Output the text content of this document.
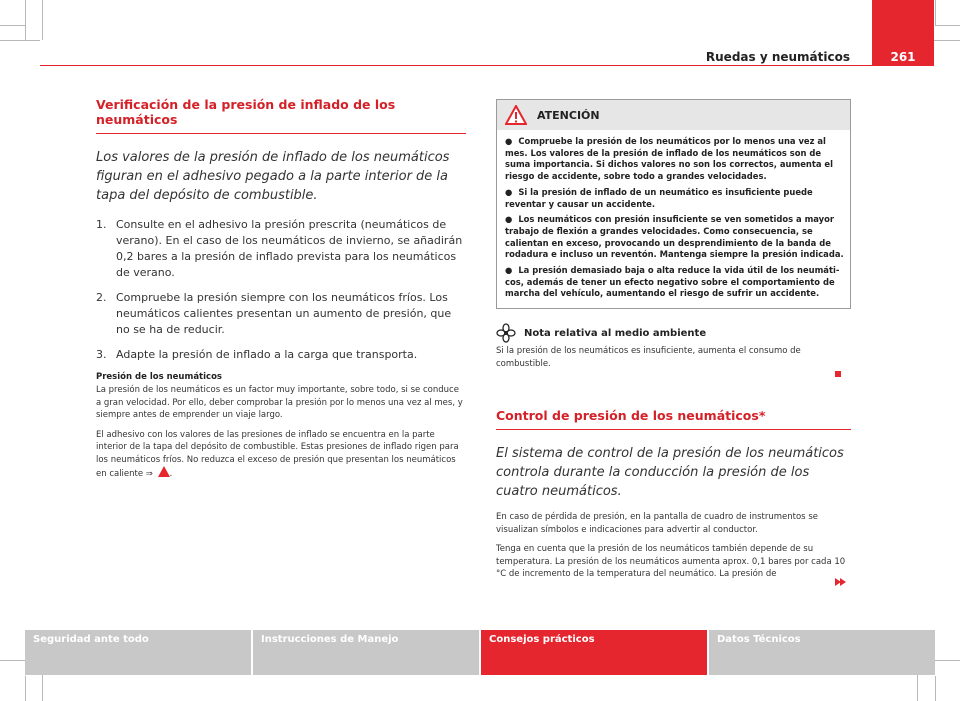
Ruedas y neumáticos	261
Verificación de la presión de inflado de los neumáticos

Los valores de la presión de inflado de los neumáticos figuran en el adhesivo pegado a la parte interior de la tapa del depósito de combustible.

1. Consulte en el adhesivo la presión prescrita (neumáticos de verano). En el caso de los neumáticos de invierno, se añadirán 0,2 bares a la presión de inflado prevista para los neumáticos de verano.
2. Compruebe la presión siempre con los neumáticos fríos. Los neumáticos calientes presentan un aumento de presión, que no se ha de reducir.
3. Adapte la presión de inflado a la carga que transporta.
Presión de los neumáticos

La presión de los neumáticos es un factor muy importante, sobre todo, si se conduce a gran velocidad. Por ello, deber comprobar la presión por lo menos una vez al mes, y siempre antes de emprender un viaje largo.

El adhesivo con los valores de las presiones de inflado se encuentra en la parte interior de la tapa del depósito de combustible. Estas presiones de inflado rigen para los neumáticos fríos. No reduzca el exceso de presión que presentan los neumáticos en caliente ⇒ .

ATENCIÓN
● Compruebe la presión de los neumáticos por lo menos una vez al mes. Los valores de la presión de inflado de los neumáticos son de suma importancia. Si dichos valores no son los correctos, aumenta el riesgo de accidente, sobre todo a grandes velocidades.
● Si la presión de inflado de un neumático es insuficiente puede reventar y causar un accidente.
● Los neumáticos con presión insuficiente se ven sometidos a mayor trabajo de flexión a grandes velocidades. Como consecuencia, se calientan en exceso, provocando un desprendimiento de la banda de rodadura e incluso un reventón. Mantenga siempre la presión indicada.
● La presión demasiado baja o alta reduce la vida útil de los neumáticos, además de tener un efecto negativo sobre el comportamiento de marcha del vehículo, aumentando el riesgo de sufrir un accidente.
Nota relativa al medio ambiente

Si la presión de los neumáticos es insuficiente, aumenta el consumo de combustible.

Control de presión de los neumáticos*

El sistema de control de la presión de los neumáticos controla durante la conducción la presión de los cuatro neumáticos.

En caso de pérdida de presión, en la pantalla de cuadro de instrumentos se visualizan símbolos e indicaciones para advertir al conductor.

Tenga en cuenta que la presión de los neumáticos también depende de su temperatura. La presión de los neumáticos aumenta aprox. 0,1 bares por cada 10 °C de incremento de la temperatura del neumático. La presión de

Seguridad ante todo	Instrucciones de Manejo	Consejos prácticos	Datos Técnicos
